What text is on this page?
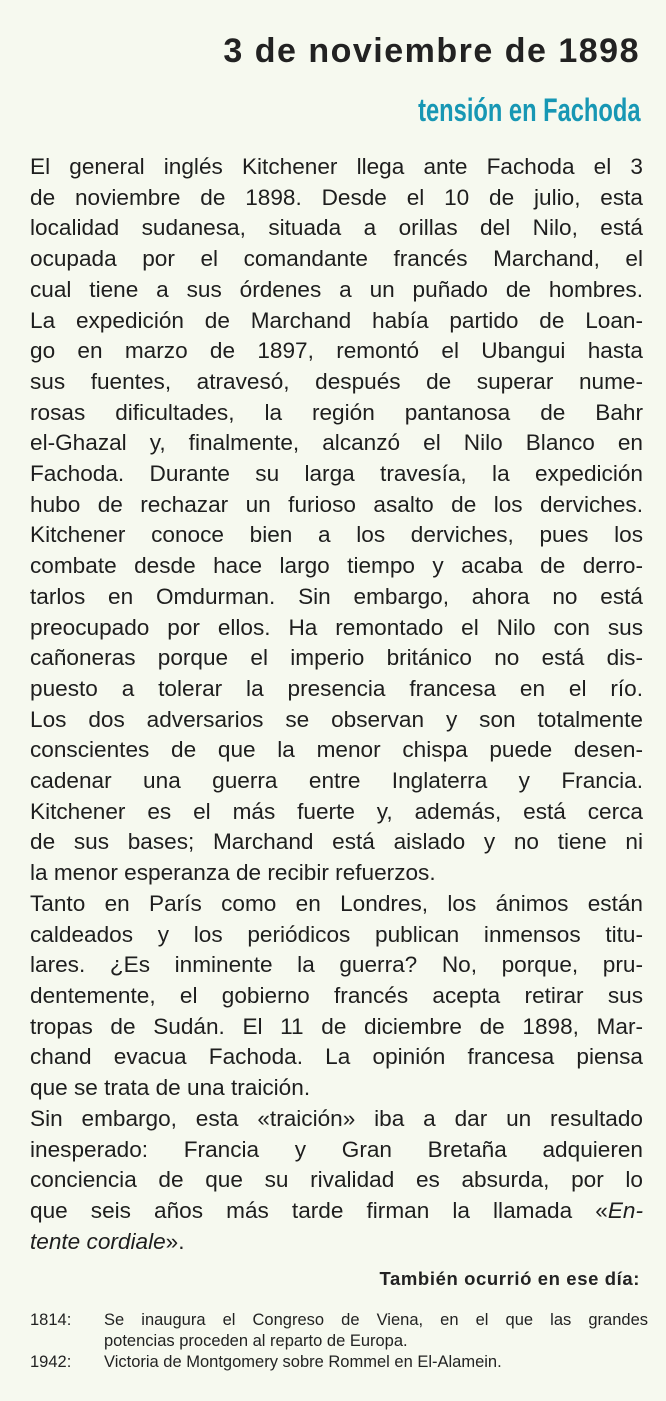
3 de noviembre de 1898
tensión en Fachoda
El general inglés Kitchener llega ante Fachoda el 3
de noviembre de 1898. Desde el 10 de julio, esta
localidad sudanesa, situada a orillas del Nilo, está
ocupada por el comandante francés Marchand, el
cual tiene a sus órdenes a un puñado de hombres.
La expedición de Marchand había partido de Loan-
go en marzo de 1897, remontó el Ubangui hasta
sus fuentes, atravesó, después de superar nume-
rosas dificultades, la región pantanosa de Bahr
el-Ghazal y, finalmente, alcanzó el Nilo Blanco en
Fachoda. Durante su larga travesía, la expedición
hubo de rechazar un furioso asalto de los derviches.
Kitchener conoce bien a los derviches, pues los
combate desde hace largo tiempo y acaba de derro-
tarlos en Omdurman. Sin embargo, ahora no está
preocupado por ellos. Ha remontado el Nilo con sus
cañoneras porque el imperio británico no está dis-
puesto a tolerar la presencia francesa en el río.
Los dos adversarios se observan y son totalmente
conscientes de que la menor chispa puede desen-
cadenar una guerra entre Inglaterra y Francia.
Kitchener es el más fuerte y, además, está cerca
de sus bases; Marchand está aislado y no tiene ni
la menor esperanza de recibir refuerzos.
Tanto en París como en Londres, los ánimos están
caldeados y los periódicos publican inmensos titu-
lares. ¿Es inminente la guerra? No, porque, pru-
dentemente, el gobierno francés acepta retirar sus
tropas de Sudán. El 11 de diciembre de 1898, Mar-
chand evacua Fachoda. La opinión francesa piensa
que se trata de una traición.
Sin embargo, esta «traición» iba a dar un resultado
inesperado: Francia y Gran Bretaña adquieren
conciencia de que su rivalidad es absurda, por lo
que seis años más tarde firman la llamada «En-
tente cordiale».
También ocurrió en ese día:
1814:	Se inaugura el Congreso de Viena, en el que las grandes
potencias proceden al reparto de Europa.
1942:	Victoria de Montgomery sobre Rommel en El-Alamein.
